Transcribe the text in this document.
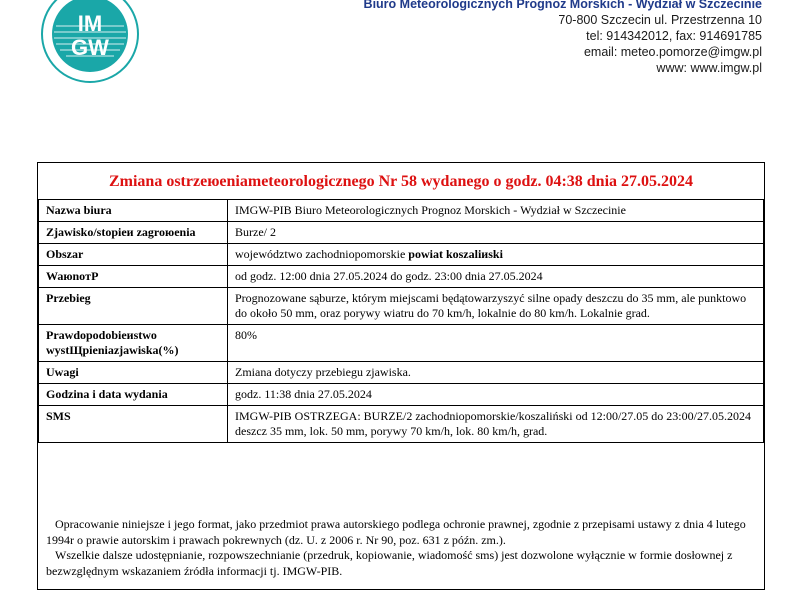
IM
GW
Biuro Meteorologicznych Prognoz Morskich - Wydział w Szczecinie
70-800 Szczecin ul. Przestrzenna 10
tel: 914342012, fax: 914691785
email: meteo.pomorze@imgw.pl
www: www.imgw.pl
Zmiana ostrzeюeniameteorologicznego Nr 58 wydanego o godz. 04:38 dnia 27.05.2024
Nazwa biura	IMGW-PIB Biuro Meteorologicznych Prognoz Morskich - Wydział w Szczecinie
Zjawisko/stopieи zagroюenia	Burze/ 2
Obszar	województwo zachodniopomorskie powiat koszaliиski
WaюnoтР	od godz. 12:00 dnia 27.05.2024 do godz. 23:00 dnia 27.05.2024
Przebieg	Prognozowane sąburze, którym miejscami będątowarzyszyć silne opady deszczu do 35 mm, ale punktowo do około 50 mm, oraz porywy wiatru do 70 km/h, lokalnie do 80 km/h. Lokalnie grad.
Prawdopodobieиstwo wystЩpieniazjawiska(%)	80%
Uwagi	Zmiana dotyczy przebiegu zjawiska.
Godzina i data wydania	godz. 11:38 dnia 27.05.2024
SMS	IMGW-PIB OSTRZEGA: BURZE/2 zachodniopomorskie/koszaliński od 12:00/27.05 do 23:00/27.05.2024 deszcz 35 mm, lok. 50 mm, porywy 70 km/h, lok. 80 km/h, grad.

Opracowanie niniejsze i jego format, jako przedmiot prawa autorskiego podlega ochronie prawnej, zgodnie z przepisami ustawy z dnia 4 lutego 1994r o prawie autorskim i prawach pokrewnych (dz. U. z 2006 r. Nr 90, poz. 631 z późn. zm.).

Wszelkie dalsze udostępnianie, rozpowszechnianie (przedruk, kopiowanie, wiadomość sms) jest dozwolone wyłącznie w formie dosłownej z bezwzględnym wskazaniem źródła informacji tj. IMGW-PIB.
